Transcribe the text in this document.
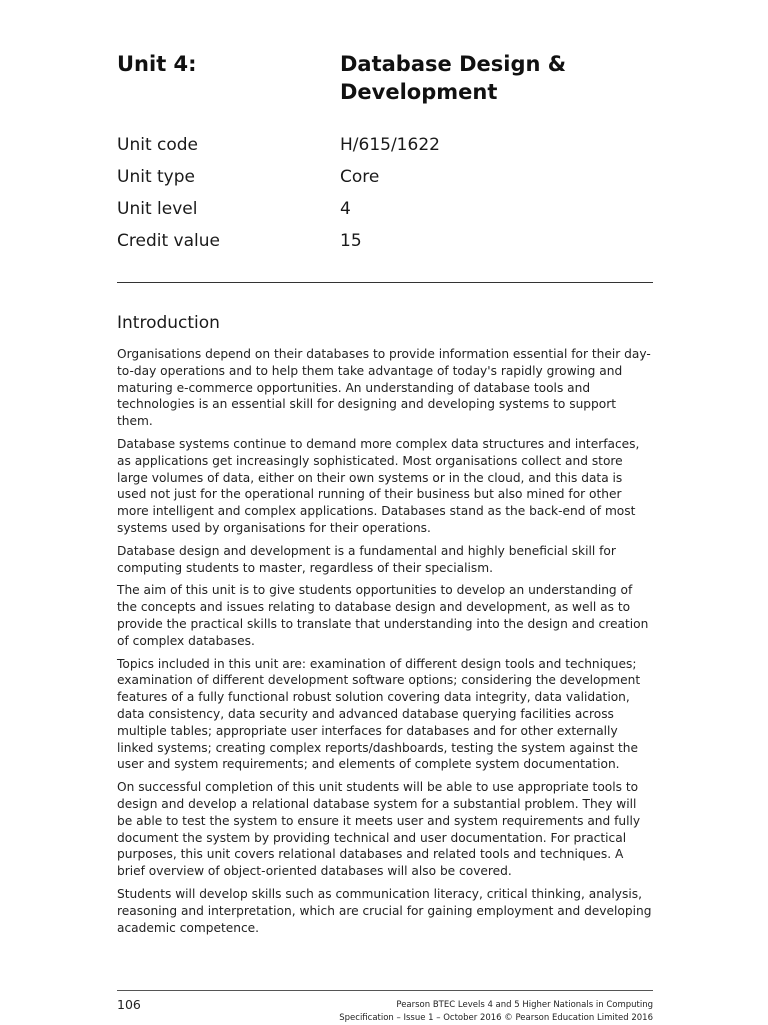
Unit 4:	Database Design & Development
Unit code	H/615/1622
Unit type	Core
Unit level	4
Credit value	15
Introduction

Organisations depend on their databases to provide information essential for their day-to-day operations and to help them take advantage of today's rapidly growing and maturing e-commerce opportunities. An understanding of database tools and technologies is an essential skill for designing and developing systems to support them.

Database systems continue to demand more complex data structures and interfaces, as applications get increasingly sophisticated. Most organisations collect and store large volumes of data, either on their own systems or in the cloud, and this data is used not just for the operational running of their business but also mined for other more intelligent and complex applications. Databases stand as the back-end of most systems used by organisations for their operations.

Database design and development is a fundamental and highly beneficial skill for computing students to master, regardless of their specialism.

The aim of this unit is to give students opportunities to develop an understanding of the concepts and issues relating to database design and development, as well as to provide the practical skills to translate that understanding into the design and creation of complex databases.

Topics included in this unit are: examination of different design tools and techniques; examination of different development software options; considering the development features of a fully functional robust solution covering data integrity, data validation, data consistency, data security and advanced database querying facilities across multiple tables; appropriate user interfaces for databases and for other externally linked systems; creating complex reports/dashboards, testing the system against the user and system requirements; and elements of complete system documentation.

On successful completion of this unit students will be able to use appropriate tools to design and develop a relational database system for a substantial problem. They will be able to test the system to ensure it meets user and system requirements and fully document the system by providing technical and user documentation. For practical purposes, this unit covers relational databases and related tools and techniques. A brief overview of object-oriented databases will also be covered.

Students will develop skills such as communication literacy, critical thinking, analysis, reasoning and interpretation, which are crucial for gaining employment and developing academic competence.

106	Pearson BTEC Levels 4 and 5 Higher Nationals in Computing
Specification – Issue 1 – October 2016 © Pearson Education Limited 2016
